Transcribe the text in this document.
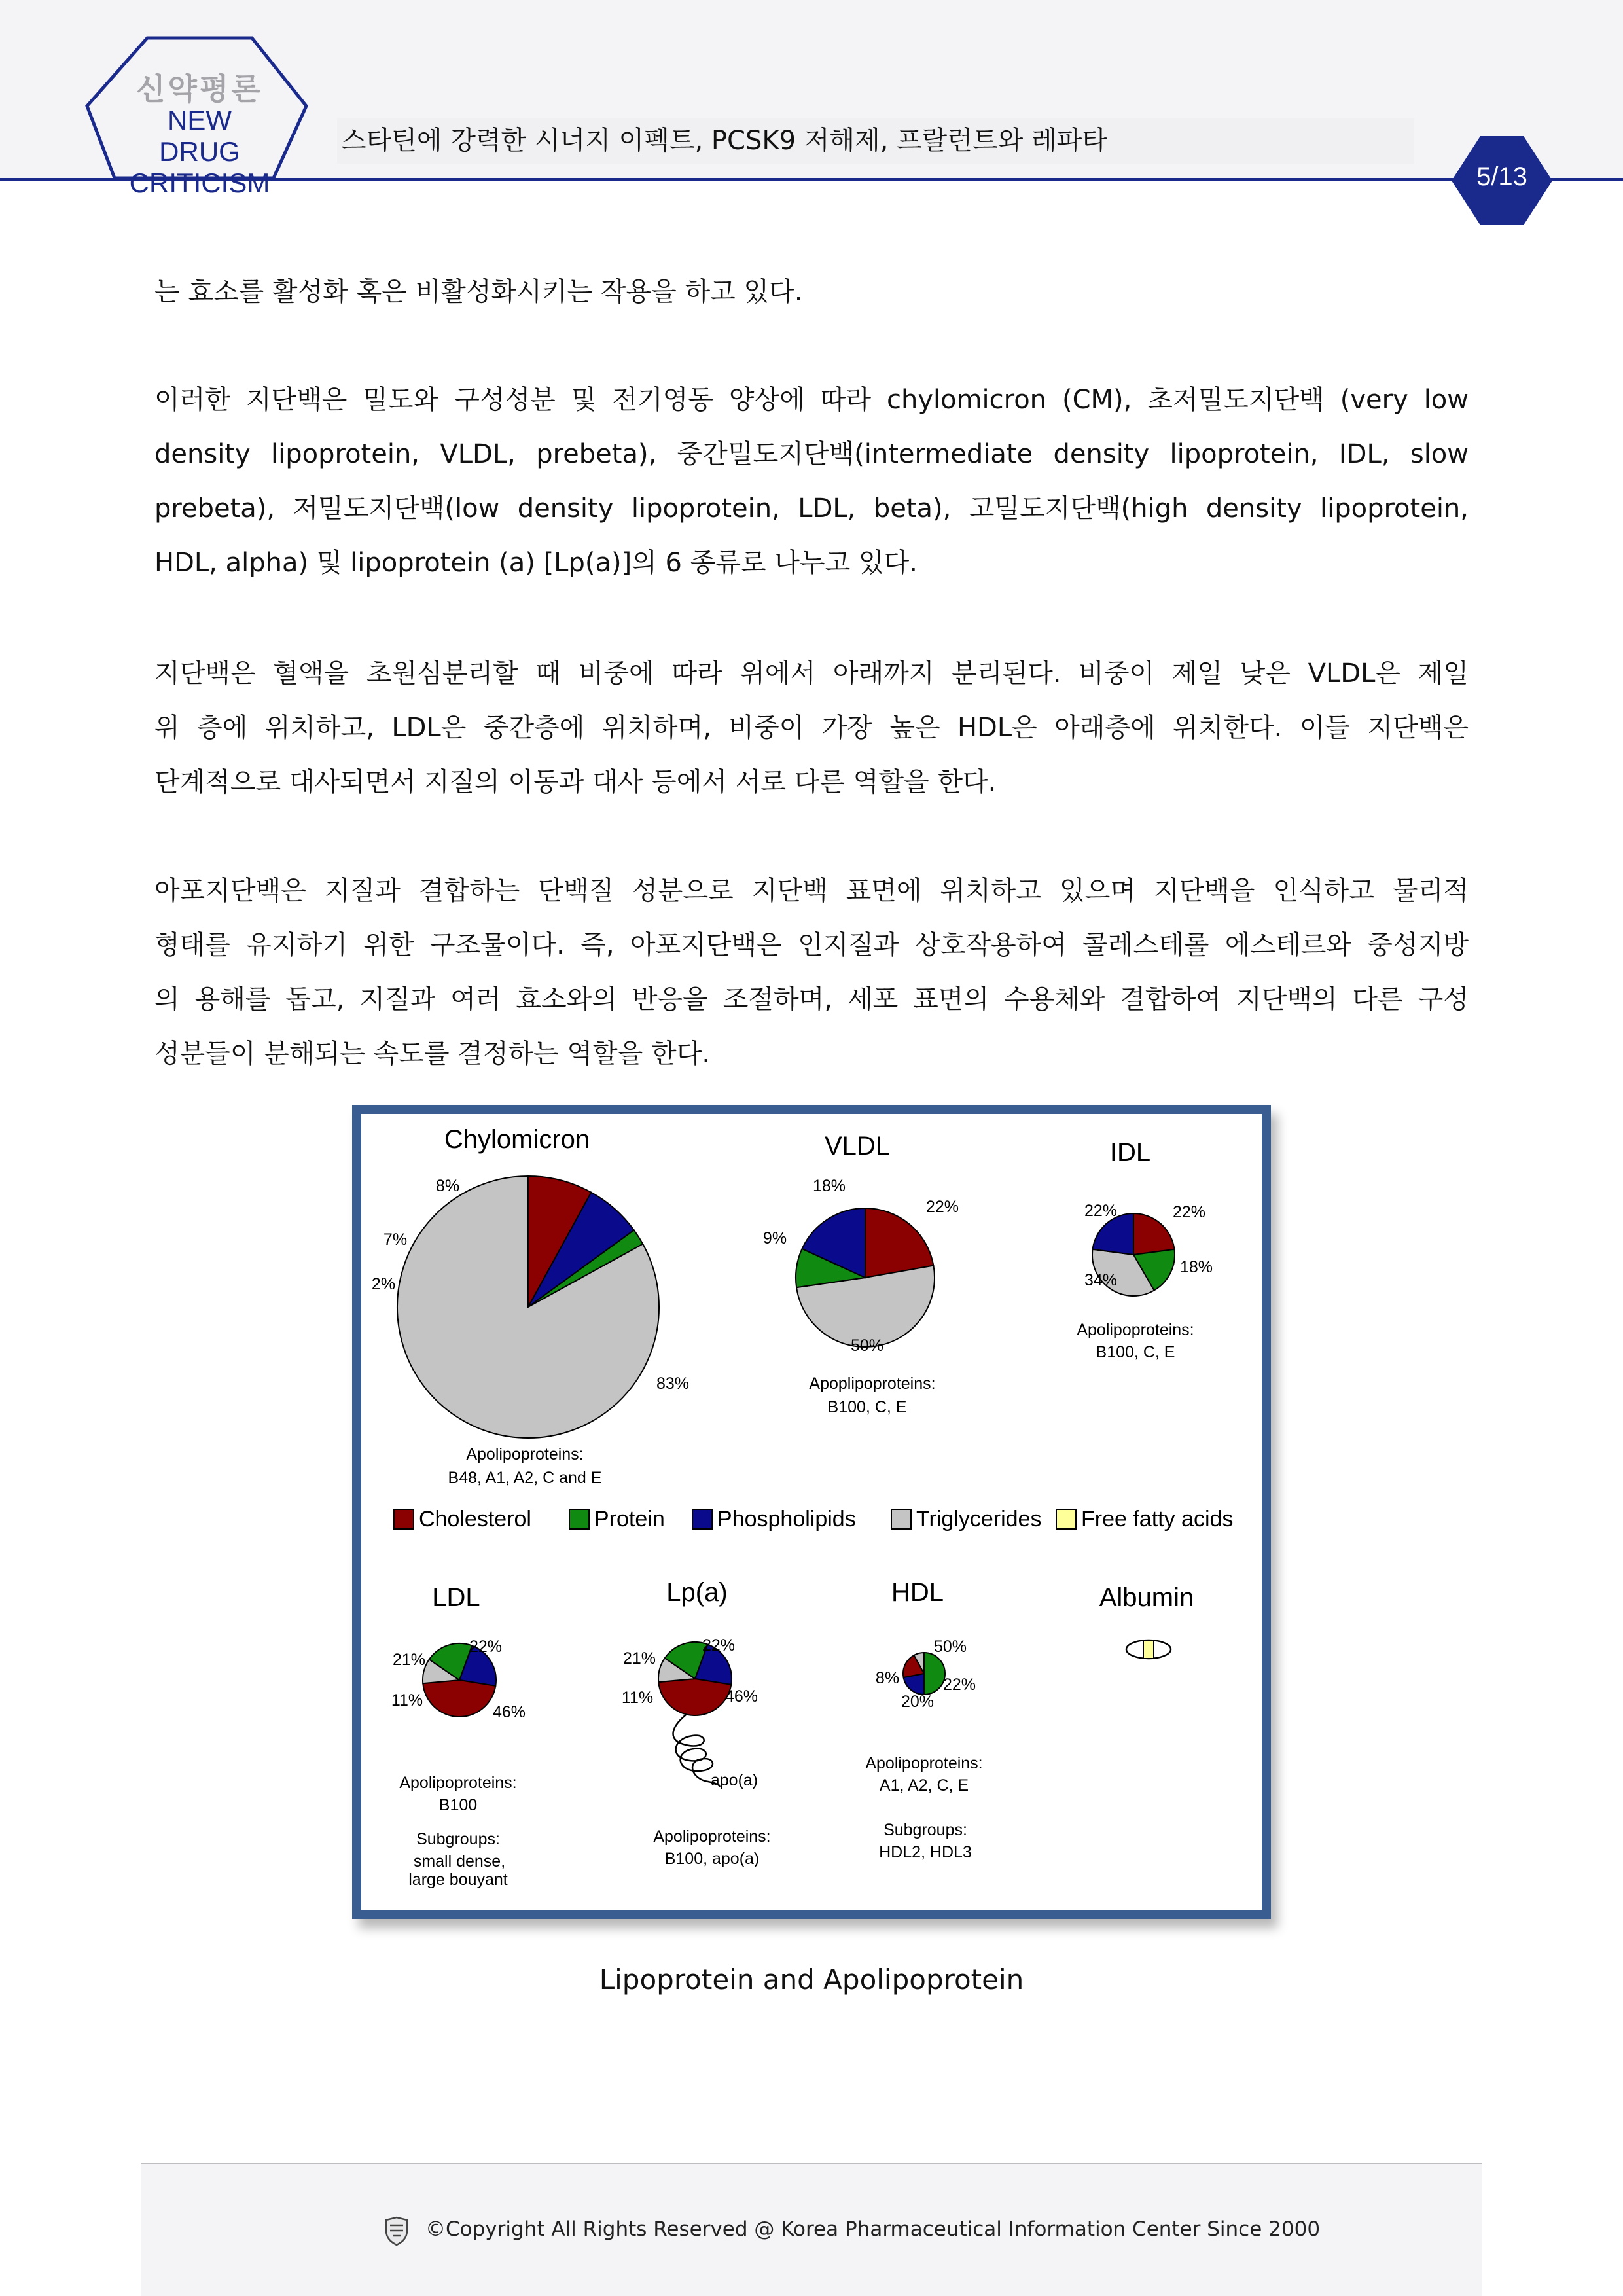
신약평론
NEW DRUG
CRITICISM
스타틴에 강력한 시너지 이펙트, PCSK9 저해제, 프랄런트와 레파타
5/13
는 효소를 활성화 혹은 비활성화시키는 작용을 하고 있다.
이러한 지단백은 밀도와 구성성분 및 전기영동 양상에 따라 chylomicron (CM), 초저밀도지단백 (very low
density lipoprotein, VLDL, prebeta), 중간밀도지단백(intermediate density lipoprotein, IDL, slow
prebeta), 저밀도지단백(low density lipoprotein, LDL, beta), 고밀도지단백(high density lipoprotein,
HDL, alpha) 및 lipoprotein (a) [Lp(a)]의 6 종류로 나누고 있다.
지단백은 혈액을 초원심분리할 때 비중에 따라 위에서 아래까지 분리된다. 비중이 제일 낮은 VLDL은 제일
위 층에 위치하고, LDL은 중간층에 위치하며, 비중이 가장 높은 HDL은 아래층에 위치한다. 이들 지단백은
단계적으로 대사되면서 지질의 이동과 대사 등에서 서로 다른 역할을 한다.
아포지단백은 지질과 결합하는 단백질 성분으로 지단백 표면에 위치하고 있으며 지단백을 인식하고 물리적
형태를 유지하기 위한 구조물이다. 즉, 아포지단백은 인지질과 상호작용하여 콜레스테롤 에스테르와 중성지방
의 용해를 돕고, 지질과 여러 효소와의 반응을 조절하며, 세포 표면의 수용체와 결합하여 지단백의 다른 구성
성분들이 분해되는 속도를 결정하는 역할을 한다.
Chylomicron	VLDL	IDL
LDL	Lp(a)	HDL	Albumin
8%
7%
2%
83%
22%
50%
9%
18%
22%
18%
34%
22%
22%
46%
11%
21%
22%
46%
11%
21%
50%
22%
20%
8%
Apolipoproteins:
B48, A1, A2, C and E
Apoplipoproteins:
B100, C, E
Apolipoproteins:
B100, C, E
Apolipoproteins:
B100
Subgroups:
small dense,
large bouyant
apo(a)
Apolipoproteins:
B100, apo(a)
Apolipoproteins:
A1, A2, C, E
Subgroups:
HDL2, HDL3
Cholesterol	Protein Phospholipids	Triglycerides Free fatty acids
Lipoprotein and Apolipoprotein
©Copyright All Rights Reserved @ Korea Pharmaceutical Information Center Since 2000
